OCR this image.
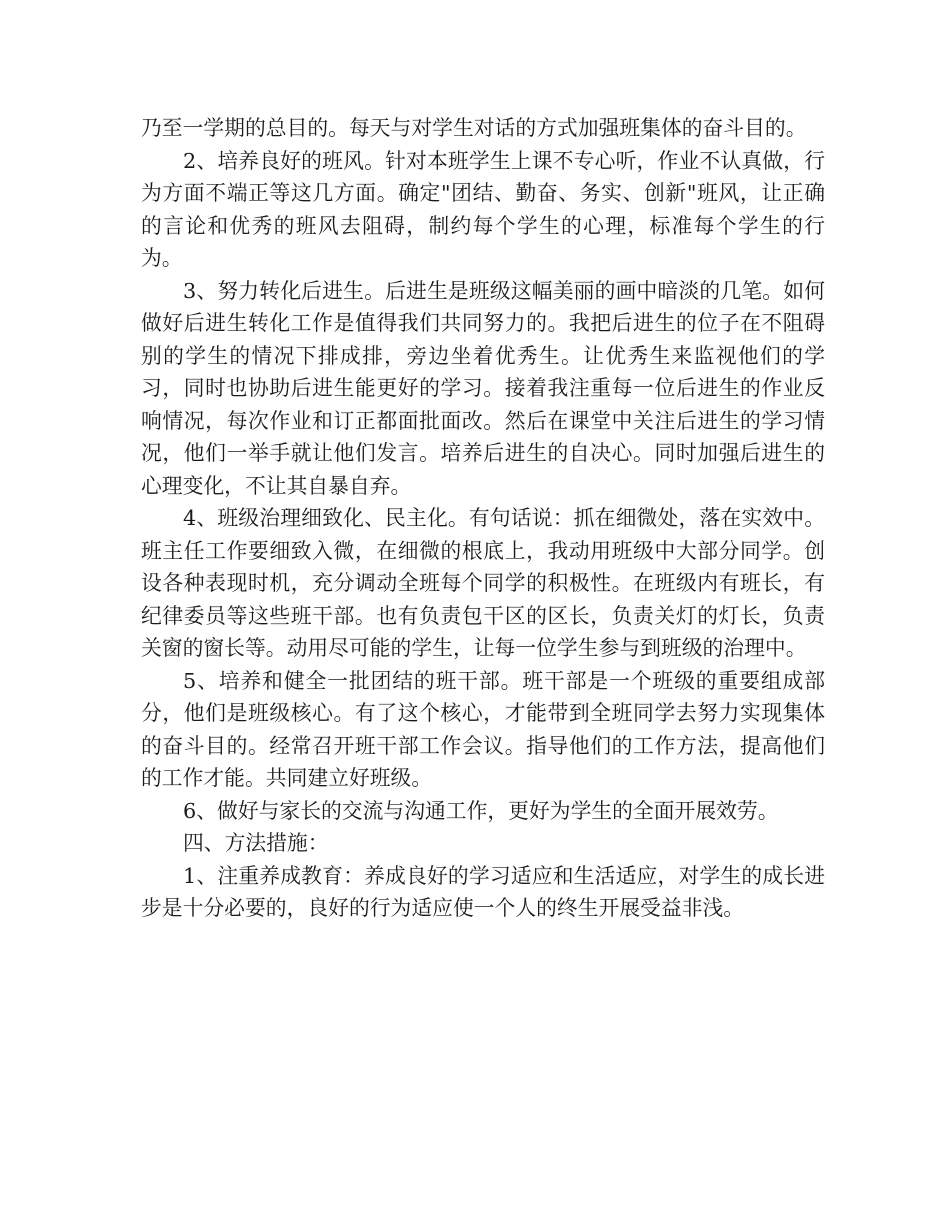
乃至一学期的总目的。每天与对学生对话的方式加强班集体的奋斗目的。

2、培养良好的班风。针对本班学生上课不专心听，作业不认真做，行为方面不端正等这几方面。确定"团结、勤奋、务实、创新"班风，让正确的言论和优秀的班风去阻碍，制约每个学生的心理，标准每个学生的行为。

3、努力转化后进生。后进生是班级这幅美丽的画中暗淡的几笔。如何做好后进生转化工作是值得我们共同努力的。我把后进生的位子在不阻碍别的学生的情况下排成排，旁边坐着优秀生。让优秀生来监视他们的学习，同时也协助后进生能更好的学习。接着我注重每一位后进生的作业反响情况，每次作业和订正都面批面改。然后在课堂中关注后进生的学习情况，他们一举手就让他们发言。培养后进生的自决心。同时加强后进生的心理变化，不让其自暴自弃。

4、班级治理细致化、民主化。有句话说：抓在细微处，落在实效中。班主任工作要细致入微，在细微的根底上，我动用班级中大部分同学。创设各种表现时机，充分调动全班每个同学的积极性。在班级内有班长，有纪律委员等这些班干部。也有负责包干区的区长，负责关灯的灯长，负责关窗的窗长等。动用尽可能的学生，让每一位学生参与到班级的治理中。

5、培养和健全一批团结的班干部。班干部是一个班级的重要组成部分，他们是班级核心。有了这个核心，才能带到全班同学去努力实现集体的奋斗目的。经常召开班干部工作会议。指导他们的工作方法，提高他们的工作才能。共同建立好班级。

6、做好与家长的交流与沟通工作，更好为学生的全面开展效劳。

四、方法措施：

1、注重养成教育：养成良好的学习适应和生活适应，对学生的成长进步是十分必要的，良好的行为适应使一个人的终生开展受益非浅。
